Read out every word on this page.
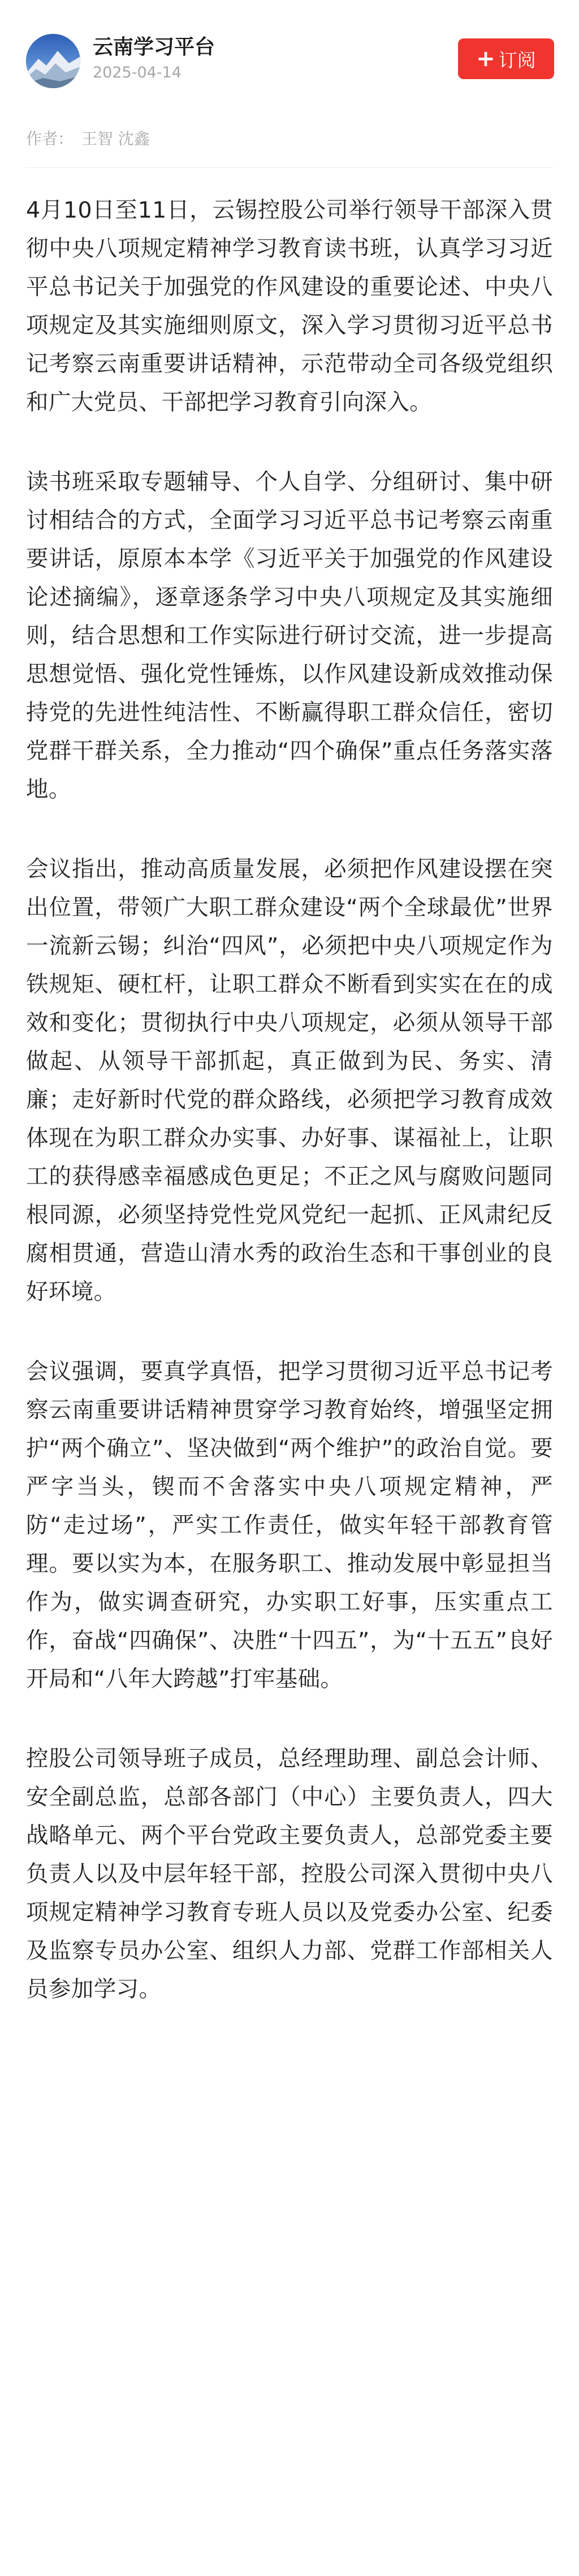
云南学习平台
2025-04-14
+ 订阅
作者： 王智 沈鑫

4月10日至11日，云锡控股公司举行领导干部深入贯彻中央八项规定精神学习教育读书班，认真学习习近平总书记关于加强党的作风建设的重要论述、中央八项规定及其实施细则原文，深入学习贯彻习近平总书记考察云南重要讲话精神，示范带动全司各级党组织和广大党员、干部把学习教育引向深入。

读书班采取专题辅导、个人自学、分组研讨、集中研讨相结合的方式，全面学习习近平总书记考察云南重要讲话，原原本本学《习近平关于加强党的作风建设论述摘编》，逐章逐条学习中央八项规定及其实施细则，结合思想和工作实际进行研讨交流，进一步提高思想觉悟、强化党性锤炼，以作风建设新成效推动保持党的先进性纯洁性、不断赢得职工群众信任，密切党群干群关系，全力推动“四个确保”重点任务落实落地。

会议指出，推动高质量发展，必须把作风建设摆在突出位置，带领广大职工群众建设“两个全球最优”世界一流新云锡；纠治“四风”，必须把中央八项规定作为铁规矩、硬杠杆，让职工群众不断看到实实在在的成效和变化；贯彻执行中央八项规定，必须从领导干部做起、从领导干部抓起，真正做到为民、务实、清廉；走好新时代党的群众路线，必须把学习教育成效体现在为职工群众办实事、办好事、谋福祉上，让职工的获得感幸福感成色更足；不正之风与腐败问题同根同源，必须坚持党性党风党纪一起抓、正风肃纪反腐相贯通，营造山清水秀的政治生态和干事创业的良好环境。

会议强调，要真学真悟，把学习贯彻习近平总书记考察云南重要讲话精神贯穿学习教育始终，增强坚定拥护“两个确立”、坚决做到“两个维护”的政治自觉。要严字当头，锲而不舍落实中央八项规定精神，严防“走过场”，严实工作责任，做实年轻干部教育管理。要以实为本，在服务职工、推动发展中彰显担当作为，做实调查研究，办实职工好事，压实重点工作，奋战“四确保”、决胜“十四五”，为“十五五”良好开局和“八年大跨越”打牢基础。

控股公司领导班子成员，总经理助理、副总会计师、安全副总监，总部各部门（中心）主要负责人，四大战略单元、两个平台党政主要负责人，总部党委主要负责人以及中层年轻干部，控股公司深入贯彻中央八项规定精神学习教育专班人员以及党委办公室、纪委及监察专员办公室、组织人力部、党群工作部相关人员参加学习。
